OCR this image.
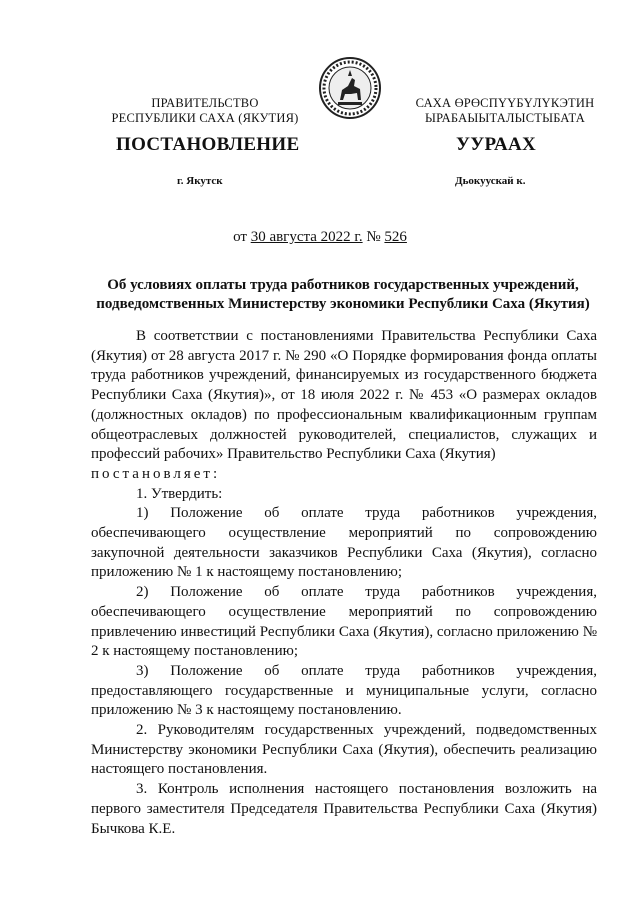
ПРАВИТЕЛЬСТВО
РЕСПУБЛИКИ САХА (ЯКУТИЯ)
САХА ӨРӨСПҮҮБҮЛҮКЭТИН
ЫРАБАЫЫТАЛЫСТЫБАТА
ПОСТАНОВЛЕНИЕ	УУРААХ
г. Якутск	Дьокуускай к.
от 30 августа 2022 г. № 526
Об условиях оплаты труда работников государственных учреждений, подведомственных Министерству экономики Республики Саха (Якутия)

В соответствии с постановлениями Правительства Республики Саха (Якутия) от 28 августа 2017 г. № 290 «О Порядке формирования фонда оплаты труда работников учреждений, финансируемых из государственного бюджета Республики Саха (Якутия)», от 18 июля 2022 г. № 453 «О размерах окладов (должностных окладов) по профессиональным квалификационным группам общеотраслевых должностей руководителей, специалистов, служащих и профессий рабочих» Правительство Республики Саха (Якутия)

постановляет:

1. Утвердить:

1) Положение об оплате труда работников учреждения, обеспечивающего осуществление мероприятий по сопровождению закупочной деятельности заказчиков Республики Саха (Якутия), согласно приложению № 1 к настоящему постановлению;

2) Положение об оплате труда работников учреждения, обеспечивающего осуществление мероприятий по сопровождению привлечению инвестиций Республики Саха (Якутия), согласно приложению № 2 к настоящему постановлению;

3) Положение об оплате труда работников учреждения, предоставляющего государственные и муниципальные услуги, согласно приложению № 3 к настоящему постановлению.

2. Руководителям государственных учреждений, подведомственных Министерству экономики Республики Саха (Якутия), обеспечить реализацию настоящего постановления.

3. Контроль исполнения настоящего постановления возложить на первого заместителя Председателя Правительства Республики Саха (Якутия) Бычкова К.Е.
